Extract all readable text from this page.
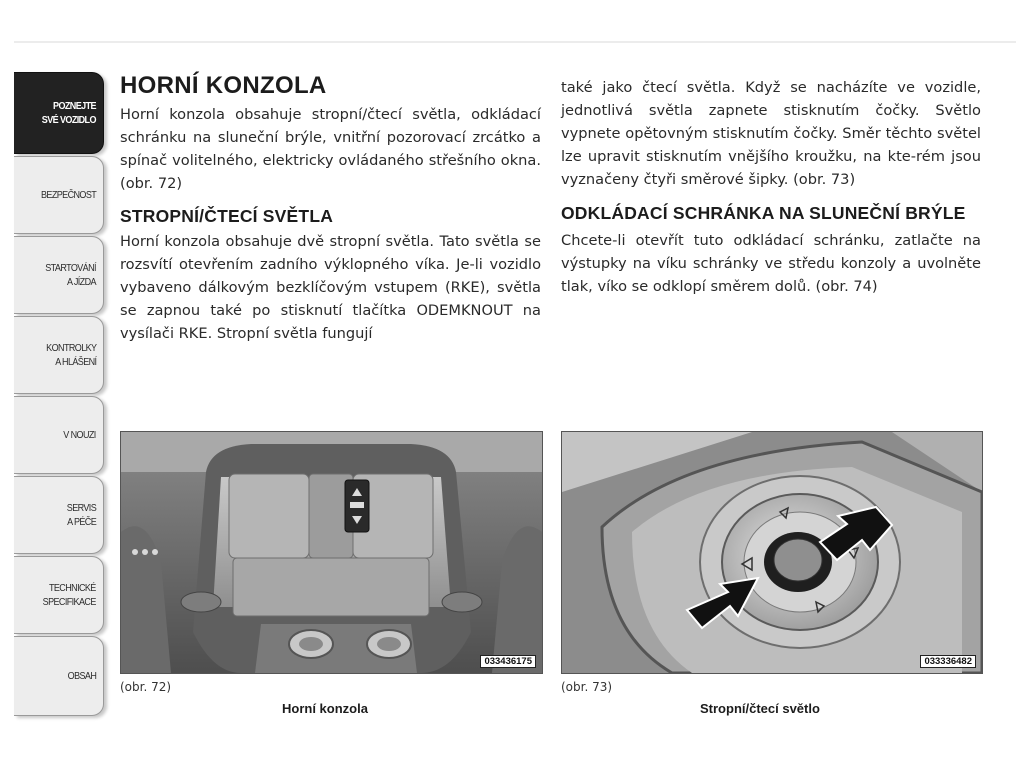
POZNEJTE
SVÉ VOZIDLO
BEZPEČNOST
STARTOVÁNÍ
A JÍZDA
KONTROLKY
A HLÁŠENÍ
V NOUZI
SERVIS
A PÉČE
TECHNICKÉ
SPECIFIKACE
OBSAH
HORNÍ KONZOLA

Horní konzola obsahuje stropní/čtecí světla, odkládací schránku na sluneční brýle, vnitřní pozorovací zrcátko a spínač volitelného, elektricky ovládaného střešního okna. (obr. 72)

STROPNÍ/ČTECÍ SVĚTLA

Horní konzola obsahuje dvě stropní světla. Tato světla se rozsvítí otevřením zadního výklopného víka. Je-li vozidlo vybaveno dálkovým bezklíčovým vstupem (RKE), světla se zapnou také po stisknutí tlačítka ODEMKNOUT na vysílači RKE. Stropní světla fungují

také jako čtecí světla. Když se nacházíte ve vozidle, jednotlivá světla zapnete stisknutím čočky. Světlo vypnete opětovným stisknutím čočky. Směr těchto světel lze upravit stisknutím vnějšího kroužku, na kte-rém jsou vyznačeny čtyři směrové šipky. (obr. 73)

ODKLÁDACÍ SCHRÁNKA NA SLUNEČNÍ BRÝLE

Chcete-li otevřít tuto odkládací schránku, zatlačte na výstupky na víku schránky ve středu konzoly a uvolněte tlak, víko se odklopí směrem dolů. (obr. 74)

033436175
(obr. 72)
Horní konzola
033336482
(obr. 73)
Stropní/čtecí světlo
